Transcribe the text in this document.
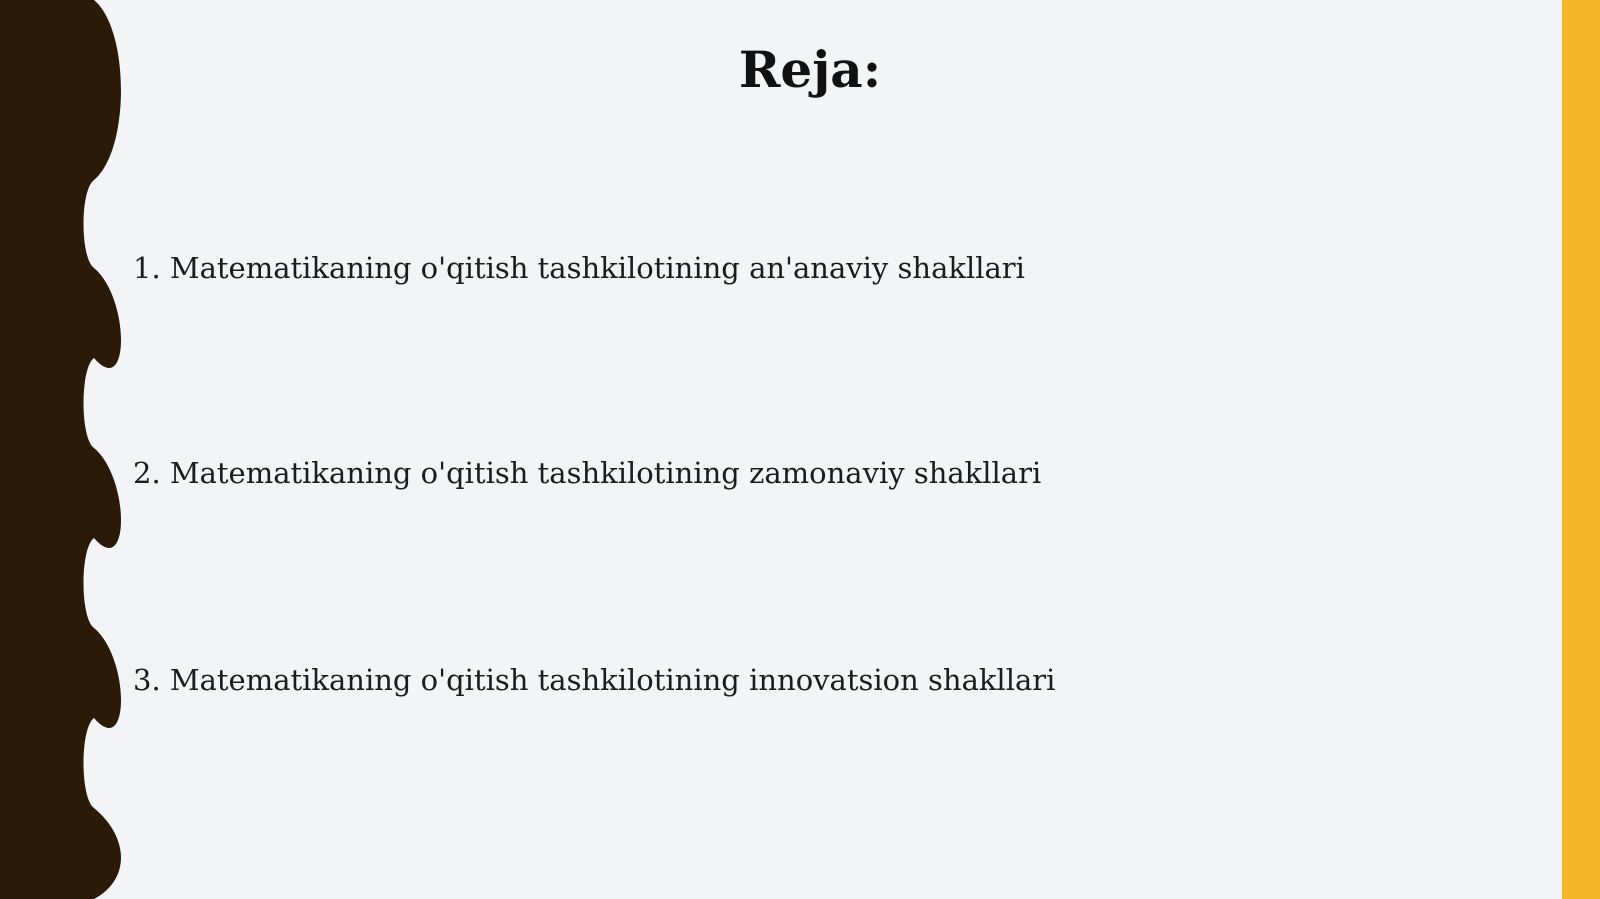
Reja:
1. Matematikaning o'qitish tashkilotining an'anaviy shakllari
2. Matematikaning o'qitish tashkilotining zamonaviy shakllari
3. Matematikaning o'qitish tashkilotining innovatsion shakllari
